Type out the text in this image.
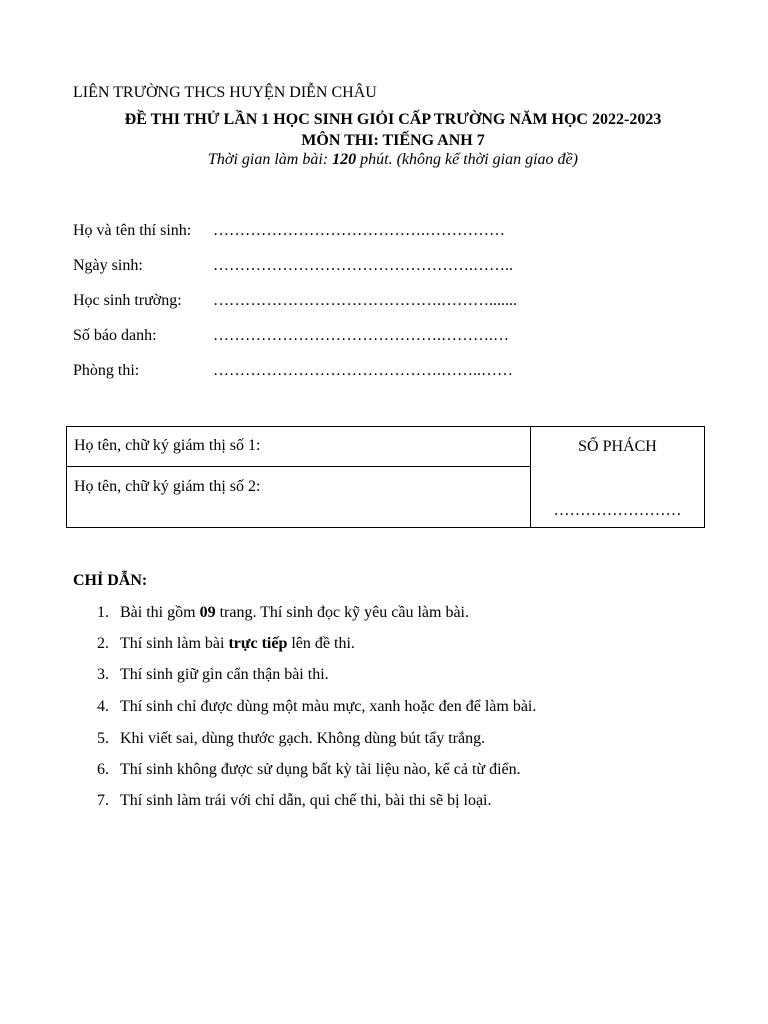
LIÊN TRƯỜNG THCS HUYỆN DIỄN CHÂU
ĐỀ THI THỬ LẦN 1 HỌC SINH GIỎI CẤP TRƯỜNG NĂM HỌC 2022-2023
MÔN THI: TIẾNG ANH 7
Thời gian làm bài: 120 phút. (không kể thời gian giao đề)
Họ và tên thí sinh: ………………………………….……………
Ngày sinh:	………………………………………….……..
Học sinh trường: …………………………………….……….......
Số báo danh:	…………………………………….……….…
Phòng thi:	…………………………………….……..……
Họ tên, chữ ký giám thị số 1:	SỐ PHÁCH
……………………

Họ tên, chữ ký giám thị số 2:
CHỈ DẪN:
1. Bài thi gồm 09 trang. Thí sinh đọc kỹ yêu cầu làm bài.
2. Thí sinh làm bài trực tiếp lên đề thi.
3. Thí sinh giữ gìn cẩn thận bài thi.
4. Thí sinh chỉ được dùng một màu mực, xanh hoặc đen để làm bài.
5. Khi viết sai, dùng thước gạch. Không dùng bút tẩy trắng.
6. Thí sinh không được sử dụng bất kỳ tài liệu nào, kể cả từ điển.
7. Thí sinh làm trái với chỉ dẫn, qui chế thi, bài thi sẽ bị loại.
